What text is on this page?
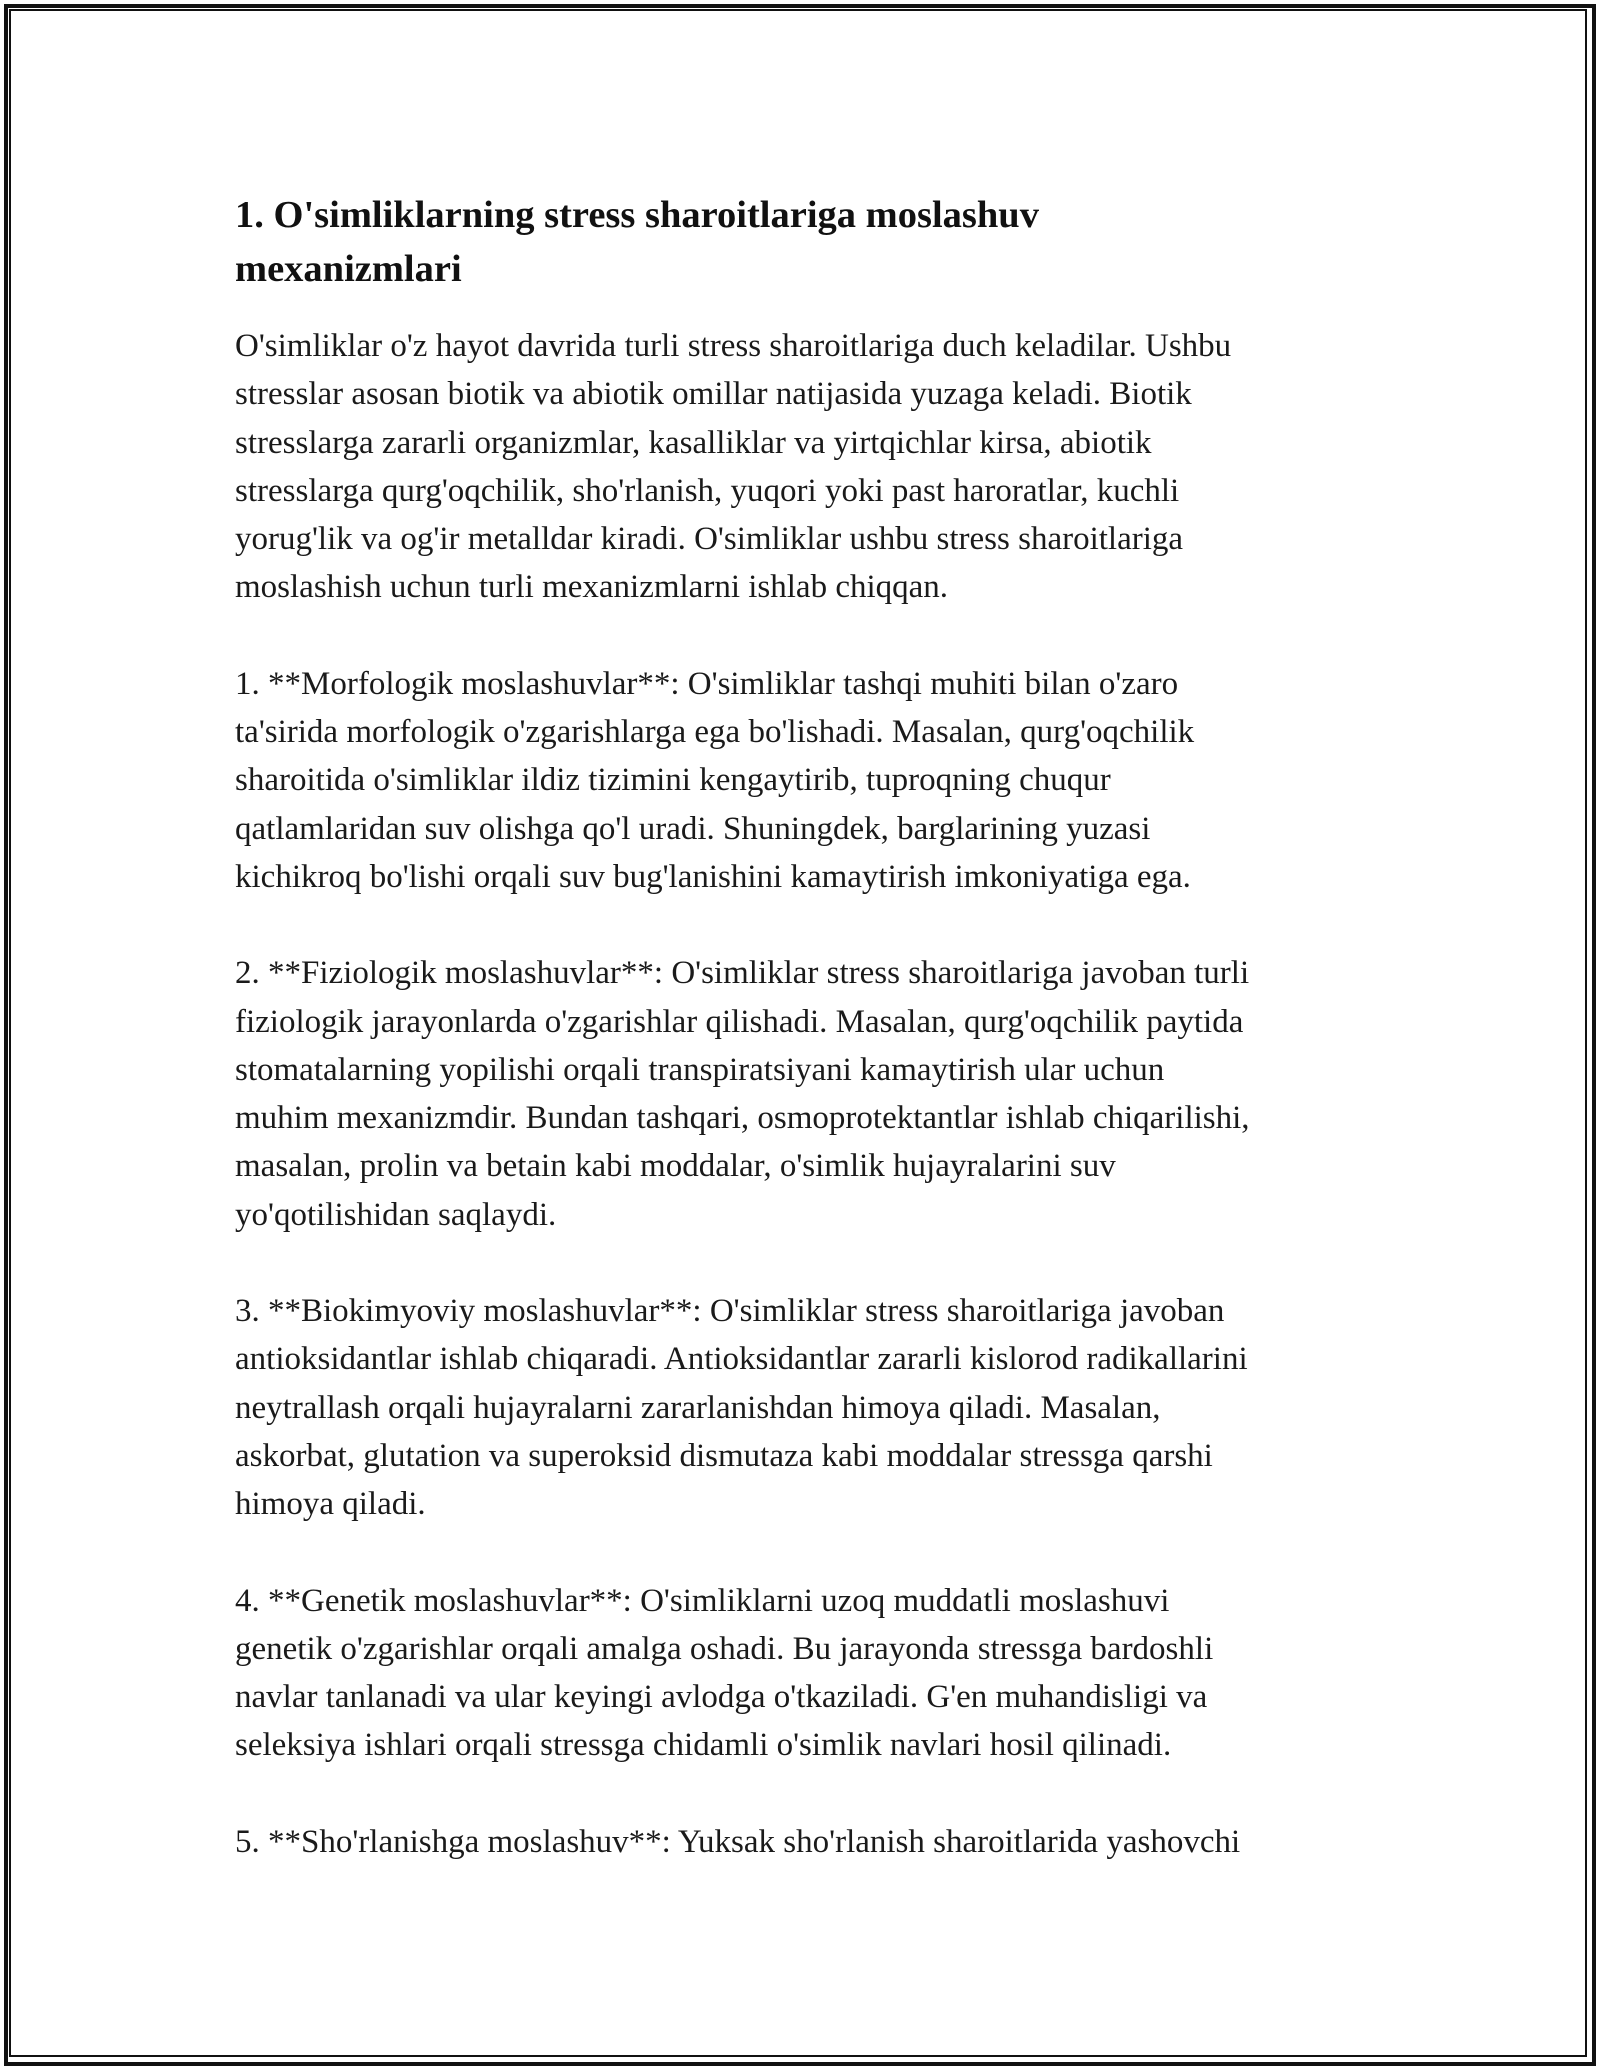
1. O'simliklarning stress sharoitlariga moslashuv
mexanizmlari

O'simliklar o'z hayot davrida turli stress sharoitlariga duch keladilar. Ushbu
stresslar asosan biotik va abiotik omillar natijasida yuzaga keladi. Biotik
stresslarga zararli organizmlar, kasalliklar va yirtqichlar kirsa, abiotik
stresslarga qurg'oqchilik, sho'rlanish, yuqori yoki past haroratlar, kuchli
yorug'lik va og'ir metalldar kiradi. O'simliklar ushbu stress sharoitlariga
moslashish uchun turli mexanizmlarni ishlab chiqqan.

1. **Morfologik moslashuvlar**: O'simliklar tashqi muhiti bilan o'zaro
ta'sirida morfologik o'zgarishlarga ega bo'lishadi. Masalan, qurg'oqchilik
sharoitida o'simliklar ildiz tizimini kengaytirib, tuproqning chuqur
qatlamlaridan suv olishga qo'l uradi. Shuningdek, barglarining yuzasi
kichikroq bo'lishi orqali suv bug'lanishini kamaytirish imkoniyatiga ega.

2. **Fiziologik moslashuvlar**: O'simliklar stress sharoitlariga javoban turli
fiziologik jarayonlarda o'zgarishlar qilishadi. Masalan, qurg'oqchilik paytida
stomatalarning yopilishi orqali transpiratsiyani kamaytirish ular uchun
muhim mexanizmdir. Bundan tashqari, osmoprotektantlar ishlab chiqarilishi,
masalan, prolin va betain kabi moddalar, o'simlik hujayralarini suv
yo'qotilishidan saqlaydi.

3. **Biokimyoviy moslashuvlar**: O'simliklar stress sharoitlariga javoban
antioksidantlar ishlab chiqaradi. Antioksidantlar zararli kislorod radikallarini
neytrallash orqali hujayralarni zararlanishdan himoya qiladi. Masalan,
askorbat, glutation va superoksid dismutaza kabi moddalar stressga qarshi
himoya qiladi.

4. **Genetik moslashuvlar**: O'simliklarni uzoq muddatli moslashuvi
genetik o'zgarishlar orqali amalga oshadi. Bu jarayonda stressga bardoshli
navlar tanlanadi va ular keyingi avlodga o'tkaziladi. G'en muhandisligi va
seleksiya ishlari orqali stressga chidamli o'simlik navlari hosil qilinadi.

5. **Sho'rlanishga moslashuv**: Yuksak sho'rlanish sharoitlarida yashovchi
